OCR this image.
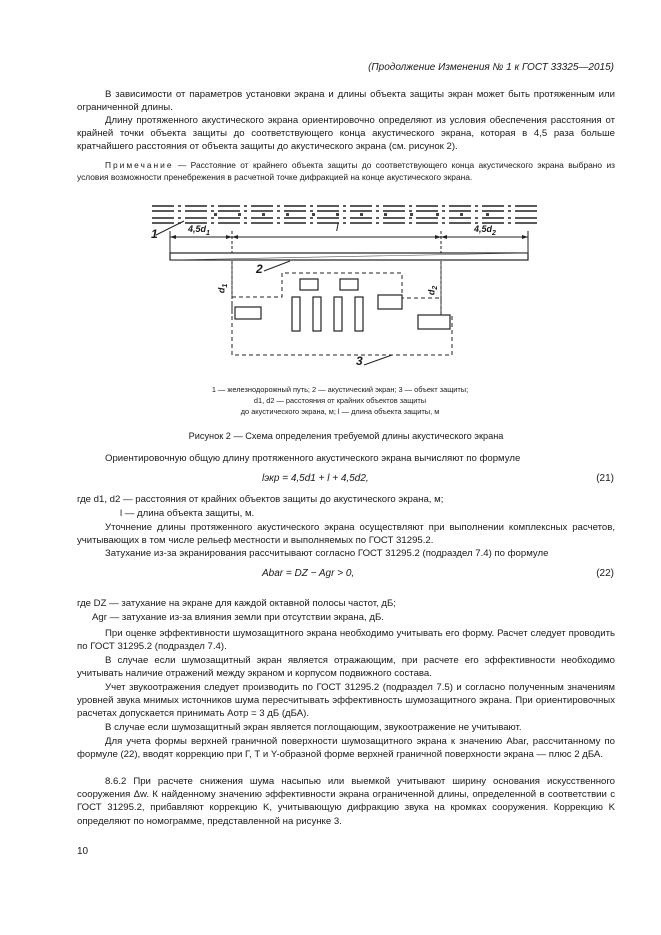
(Продолжение Изменения № 1 к ГОСТ 33325—2015)

В зависимости от параметров установки экрана и длины объекта защиты экран может быть протяженным или ограниченной длины.

Длину протяженного акустического экрана ориентировочно определяют из условия обеспечения расстояния от крайней точки объекта защиты до соответствующего конца акустического экрана, которая в 4,5 раза больше кратчайшего расстояния от объекта защиты до акустического экрана (см. рисунок 2).

Примечание — Расстояние от крайнего объекта защиты до соответствующего конца акустического экрана выбрано из условия возможности пренебрежения в расчетной точке дифракцией на конце акустического экрана.

1
2
3
$4,5d_1$	l	$4,5d_2$
$d_1$
$d_2$
1 — железнодорожный путь; 2 — акустический экран; 3 — объект защиты;
d1, d2 — расстояния от крайних объектов защиты
до акустического экрана, м; l — длина объекта защиты, м
Рисунок 2 — Схема определения требуемой длины акустического экрана

Ориентировочную общую длину протяженного акустического экрана вычисляют по формуле

lэкр = 4,5d1 + l + 4,5d2,	(21)
где d1, d2 — расстояния от крайних объектов защиты до акустического экрана, м;
l — длина объекта защиты, м.

Уточнение длины протяженного акустического экрана осуществляют при выполнении комплексных расчетов, учитывающих в том числе рельеф местности и выполняемых по ГОСТ 31295.2.

Затухание из-за экранирования рассчитывают согласно ГОСТ 31295.2 (подраздел 7.4) по формуле

Abar = DZ − Agr > 0,	(22)
где DZ — затухание на экране для каждой октавной полосы частот, дБ;
Agr — затухание из-за влияния земли при отсутствии экрана, дБ.

При оценке эффективности шумозащитного экрана необходимо учитывать его форму. Расчет следует проводить по ГОСТ 31295.2 (подраздел 7.4).

В случае если шумозащитный экран является отражающим, при расчете его эффективности необходимо учитывать наличие отражений между экраном и корпусом подвижного состава.

Учет звукоотражения следует производить по ГОСТ 31295.2 (подраздел 7.5) и согласно полученным значениям уровней звука мнимых источников шума пересчитывать эффективность шумозащитного экрана. При ориентировочных расчетах допускается принимать Aотр = 3 дБ (дБА).

В случае если шумозащитный экран является поглощающим, звукоотражение не учитывают.

Для учета формы верхней граничной поверхности шумозащитного экрана к значению Abar, рассчитанному по формуле (22), вводят коррекцию при Г, Т и Y-образной форме верхней граничной поверхности экрана — плюс 2 дБА.

8.6.2 При расчете снижения шума насыпью или выемкой учитывают ширину основания искусственного сооружения Δw. К найденному значению эффективности экрана ограниченной длины, определенной в соответствии с ГОСТ 31295.2, прибавляют коррекцию K, учитывающую дифракцию звука на кромках сооружения. Коррекцию K определяют по номограмме, представленной на рисунке 3.

10
